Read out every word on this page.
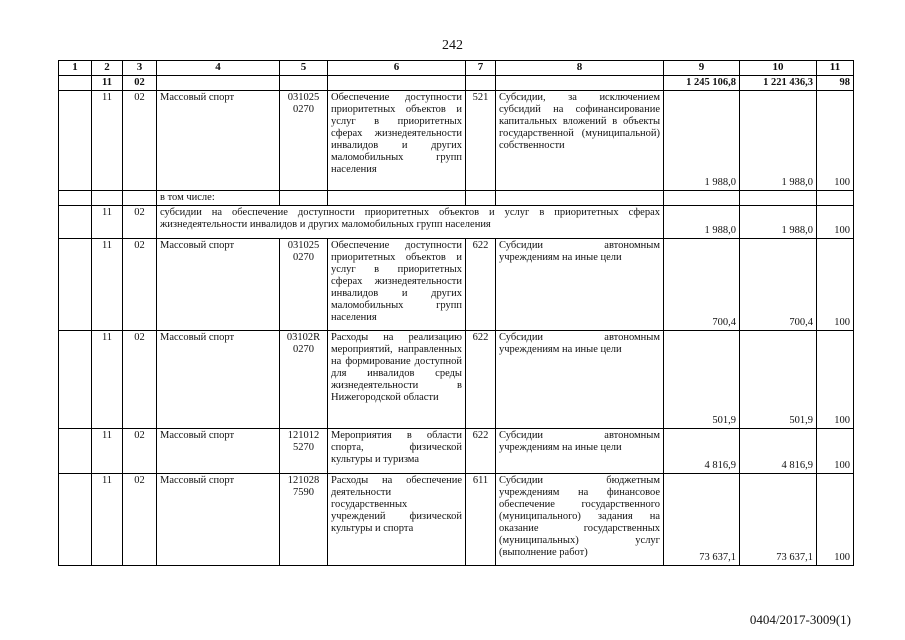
242
1	2	3	4	5	6	7	8	9	10	11
	11	02						1 245 106,8	1 221 436,3	98
	11	02	Массовый спорт	031025 0270	Обеспечение доступности приоритетных объектов и услуг в приоритетных сферах жизнедеятельности инвалидов и других маломобильных групп населения	521	Субсидии, за исключением субсидий на софинансирование капитальных вложений в объекты государственной (муниципальной) собственности	1 988,0	1 988,0	100
			в том числе:							
	11	02	субсидии на обеспечение доступности приоритетных объектов и услуг в приоритетных сферах жизнедеятельности инвалидов и других маломобильных групп населения					1 988,0	1 988,0	100
	11	02	Массовый спорт	031025 0270	Обеспечение доступности приоритетных объектов и услуг в приоритетных сферах жизнедеятельности инвалидов и других маломобильных групп населения	622	Субсидии автономным учреждениям на иные цели	700,4	700,4	100
	11	02	Массовый спорт	03102R 0270	Расходы на реализацию мероприятий, направленных на формирование доступной для инвалидов среды жизнедеятельности в Нижегородской области	622	Субсидии автономным учреждениям на иные цели	501,9	501,9	100
	11	02	Массовый спорт	121012 5270	Мероприятия в области спорта, физической культуры и туризма	622	Субсидии автономным учреждениям на иные цели	4 816,9	4 816,9	100
	11	02	Массовый спорт	121028 7590	Расходы на обеспечение деятельности государственных учреждений физической культуры и спорта	611	Субсидии бюджетным учреждениям на финансовое обеспечение государственного (муниципального) задания на оказание государственных (муниципальных) услуг (выполнение работ)	73 637,1	73 637,1	100
0404/2017-3009(1)
